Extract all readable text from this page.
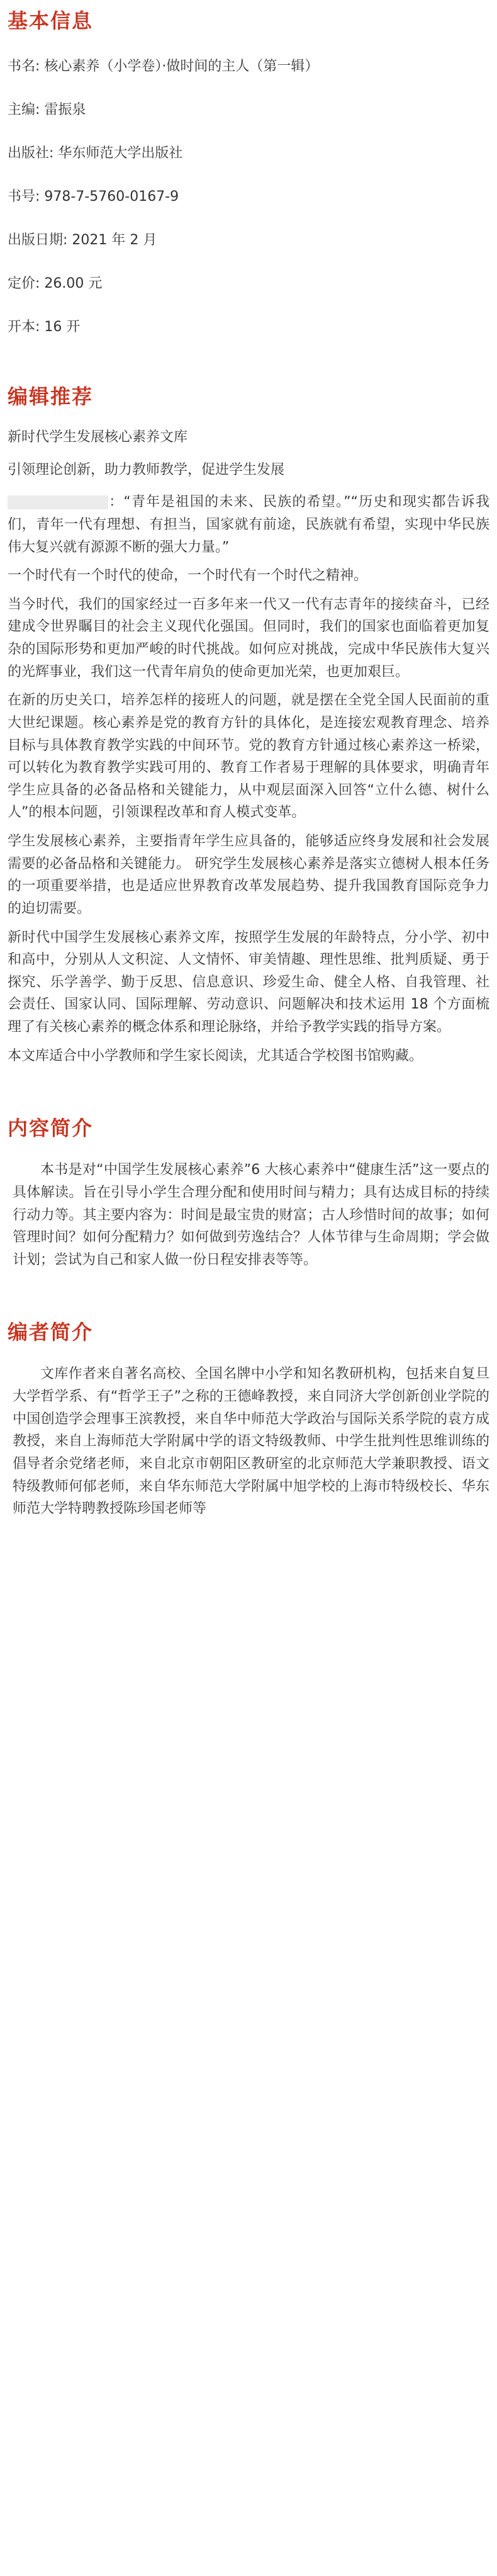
基本信息

书名: 核心素养（小学卷）·做时间的主人（第一辑）

主编: 雷振泉

出版社: 华东师范大学出版社

书号: 978-7-5760-0167-9

出版日期: 2021 年 2 月

定价: 26.00 元

开本: 16 开

编辑推荐

新时代学生发展核心素养文库

引领理论创新，助力教师教学，促进学生发展

：“青年是祖国的未来、民族的希望。”“历史和现实都告诉我们，青年一代有理想、有担当，国家就有前途，民族就有希望，实现中华民族伟大复兴就有源源不断的强大力量。”

一个时代有一个时代的使命，一个时代有一个时代之精神。

当今时代，我们的国家经过一百多年来一代又一代有志青年的接续奋斗，已经建成令世界瞩目的社会主义现代化强国。但同时，我们的国家也面临着更加复杂的国际形势和更加严峻的时代挑战。如何应对挑战，完成中华民族伟大复兴的光辉事业，我们这一代青年肩负的使命更加光荣，也更加艰巨。

在新的历史关口，培养怎样的接班人的问题，就是摆在全党全国人民面前的重大世纪课题。核心素养是党的教育方针的具体化，是连接宏观教育理念、培养目标与具体教育教学实践的中间环节。党的教育方针通过核心素养这一桥梁，可以转化为教育教学实践可用的、教育工作者易于理解的具体要求，明确青年学生应具备的必备品格和关键能力，从中观层面深入回答“立什么德、树什么人”的根本问题，引领课程改革和育人模式变革。

学生发展核心素养，主要指青年学生应具备的，能够适应终身发展和社会发展需要的必备品格和关键能力。 研究学生发展核心素养是落实立德树人根本任务的一项重要举措，也是适应世界教育改革发展趋势、提升我国教育国际竞争力的迫切需要。

新时代中国学生发展核心素养文库，按照学生发展的年龄特点，分小学、初中和高中，分别从人文积淀、人文情怀、审美情趣、理性思维、批判质疑、勇于探究、乐学善学、勤于反思、信息意识、珍爱生命、健全人格、自我管理、社会责任、国家认同、国际理解、劳动意识、问题解决和技术运用 18 个方面梳理了有关核心素养的概念体系和理论脉络，并给予教学实践的指导方案。

本文库适合中小学教师和学生家长阅读，尤其适合学校图书馆购藏。

内容简介

本书是对“中国学生发展核心素养”6 大核心素养中“健康生活”这一要点的具体解读。旨在引导小学生合理分配和使用时间与精力；具有达成目标的持续行动力等。其主要内容为：时间是最宝贵的财富；古人珍惜时间的故事；如何管理时间？如何分配精力？如何做到劳逸结合？人体节律与生命周期；学会做计划；尝试为自己和家人做一份日程安排表等等。

编者简介

文库作者来自著名高校、全国名牌中小学和知名教研机构，包括来自复旦大学哲学系、有“哲学王子”之称的王德峰教授，来自同济大学创新创业学院的中国创造学会理事王滨教授，来自华中师范大学政治与国际关系学院的袁方成教授，来自上海师范大学附属中学的语文特级教师、中学生批判性思维训练的倡导者余党绪老师，来自北京市朝阳区教研室的北京师范大学兼职教授、语文特级教师何郁老师，来自华东师范大学附属中旭学校的上海市特级校长、华东师范大学特聘教授陈珍国老师等
